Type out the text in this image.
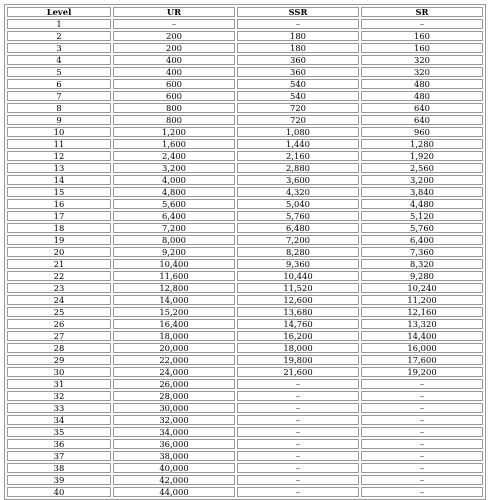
Level	UR	SSR	SR
1	–	–	–
2	200	180	160
3	200	180	160
4	400	360	320
5	400	360	320
6	600	540	480
7	600	540	480
8	800	720	640
9	800	720	640
10	1,200	1,080	960
11	1,600	1,440	1,280
12	2,400	2,160	1,920
13	3,200	2,880	2,560
14	4,000	3,600	3,200
15	4,800	4,320	3,840
16	5,600	5,040	4,480
17	6,400	5,760	5,120
18	7,200	6,480	5,760
19	8,000	7,200	6,400
20	9,200	8,280	7,360
21	10,400	9,360	8,320
22	11,600	10,440	9,280
23	12,800	11,520	10,240
24	14,000	12,600	11,200
25	15,200	13,680	12,160
26	16,400	14,760	13,320
27	18,000	16,200	14,400
28	20,000	18,000	16,000
29	22,000	19,800	17,600
30	24,000	21,600	19,200
31	26,000	–	–
32	28,000	–	–
33	30,000	–	–
34	32,000	–	–
35	34,000	–	–
36	36,000	–	–
37	38,000	–	–
38	40,000	–	–
39	42,000	–	–
40	44,000	–	–
